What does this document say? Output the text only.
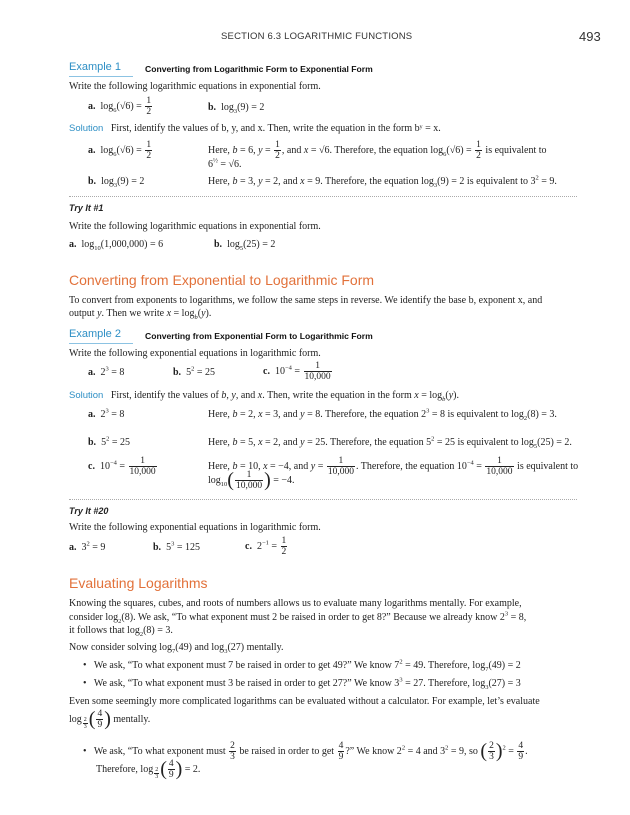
SECTION 6.3 LOGARITHMIC FUNCTIONS	493
Example 1	Converting from Logarithmic Form to Exponential Form
Write the following logarithmic equations in exponential form.
a.  $\log_6(√6) = \frac{1}{2}$	b.  $\log_3(9) = 2$
Solution First, identify the values of b, y, and x. Then, write the equation in the form bʸ = x.
a.  $\log_6(√6) = \frac{1}{2}$	Here, b = 6, $y = \frac{1}{2}$ , and x = √6. Therefore, the equation $\log_6(√6) = \frac{1}{2}$ is equivalent to
$6^{\frac{1}{2}} = √6$.
b.  $\log_3(9) = 2$	Here, b = 3, y = 2, and x = 9. Therefore, the equation $\log_3(9) = 2$ is equivalent to $3^2 = 9$.
Try It #1
Write the following logarithmic equations in exponential form.
a.  $\log_{10}(1,000,000) = 6$	b.  $\log_5(25) = 2$
Converting from Exponential to Logarithmic Form
To convert from exponents to logarithms, we follow the same steps in reverse. We identify the base b, exponent x, and
output y. Then we write $x = \log_b(y)$.
Example 2	Converting from Exponential Form to Logarithmic Form
Write the following exponential equations in logarithmic form.
a.  $2^3 = 8$	b.  $5^2 = 25$	c.  $10^{-4} = \frac{1}{10,000}$
Solution   First, identify the values of b, y, and x. Then, write the equation in the form $x = \log_b(y)$.
a.  $2^3 = 8$	Here, b = 2, x = 3, and y = 8. Therefore, the equation $2^3 = 8$ is equivalent to $\log_2(8) = 3$.
b.  $5^2 = 25$	Here, b = 5, x = 2, and y = 25. Therefore, the equation $5^2 = 25$ is equivalent to $\log_5(25) = 2$.
c.  $10^{-4} = \frac{1}{10,000}$	Here, b = 10, x = −4, and $y = \frac{1}{10,000}$ . Therefore, the equation $10^{-4} = \frac{1}{10,000}$ is equivalent to
$\log_{10}( \frac{1}{10,000}$ ) = −4.
Try It #20
Write the following exponential equations in logarithmic form.
a.  $3^2 = 9$	b.  $5^3 = 125$	c.  $2^{-1} = \frac{1}{2}$
Evaluating Logarithms
Knowing the squares, cubes, and roots of numbers allows us to evaluate many logarithms mentally. For example,
consider $\log_2(8)$. We ask, “To what exponent must 2 be raised in order to get 8?” Because we already know $2^3 = 8$,
it follows that $\log_2(8) = 3$.
Now consider solving $\log_7(49)$ and $\log_3(27)$ mentally.
•   We ask, “To what exponent must 7 be raised in order to get 49?” We know $7^2 = 49$. Therefore, $\log_7(49) = 2$
•   We ask, “To what exponent must 3 be raised in order to get 27?” We know $3^3 = 27$. Therefore, $\log_3(27) = 3$
Even some seemingly more complicated logarithms can be evaluated without a calculator. For example, let’s evaluate
log $_{\frac{2}{3}}$ ( $\frac{4}{9}$ ) mentally.
•   We ask, “To what exponent must $\frac{2}{3}$ be raised in order to get $\frac{4}{9}$ ?” We know $2^2 = 4$ and $3^2 = 9$, so ( $\frac{2}{3} )^2 = \frac{4}{9}$ .
Therefore, log $_{\frac{2}{3}}$ ( $\frac{4}{9}$ ) = 2.
